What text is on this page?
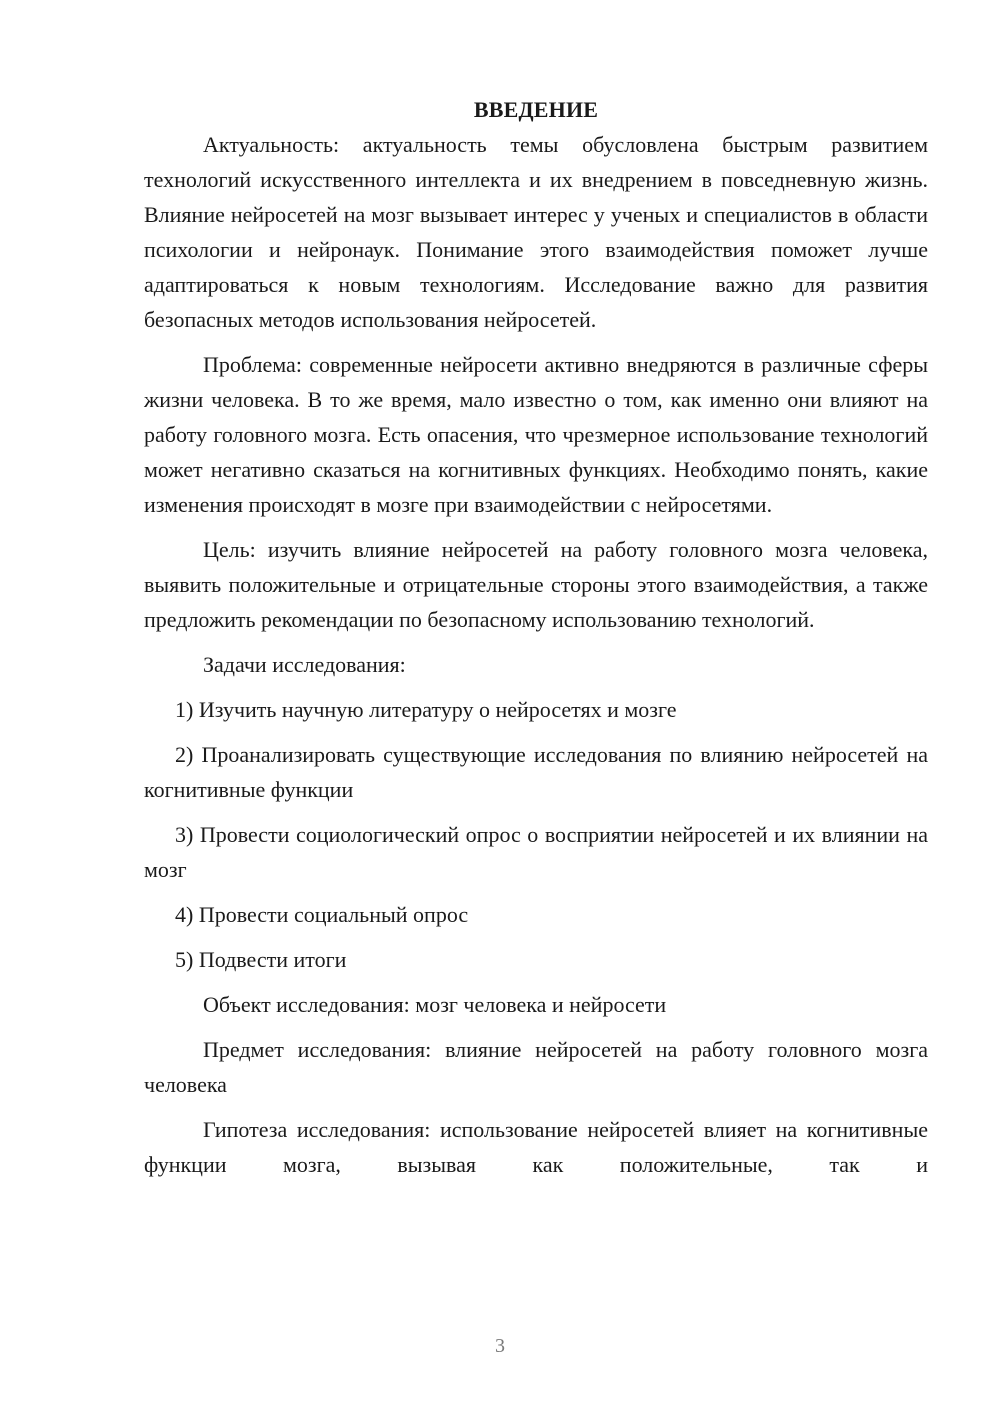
ВВЕДЕНИЕ

Актуальность: актуальность темы обусловлена быстрым развитием технологий искусственного интеллекта и их внедрением в повседневную жизнь. Влияние нейросетей на мозг вызывает интерес у ученых и специалистов в области психологии и нейронаук. Понимание этого взаимодействия поможет лучше адаптироваться к новым технологиям. Исследование важно для развития безопасных методов использования нейросетей.

Проблема: современные нейросети активно внедряются в различные сферы жизни человека. В то же время, мало известно о том, как именно они влияют на работу головного мозга. Есть опасения, что чрезмерное использование технологий может негативно сказаться на когнитивных функциях. Необходимо понять, какие изменения происходят в мозге при взаимодействии с нейросетями.

Цель: изучить влияние нейросетей на работу головного мозга человека, выявить положительные и отрицательные стороны этого взаимодействия, а также предложить рекомендации по безопасному использованию технологий.

Задачи исследования:

1) Изучить научную литературу о нейросетях и мозге

2) Проанализировать существующие исследования по влиянию нейросетей на когнитивные функции

3) Провести социологический опрос о восприятии нейросетей и их влиянии на мозг

4) Провести социальный опрос

5) Подвести итоги

Объект исследования: мозг человека и нейросети

Предмет исследования: влияние нейросетей на работу головного мозга человека

Гипотеза исследования: использование нейросетей влияет на когнитивные функции мозга, вызывая как положительные, так и

3
